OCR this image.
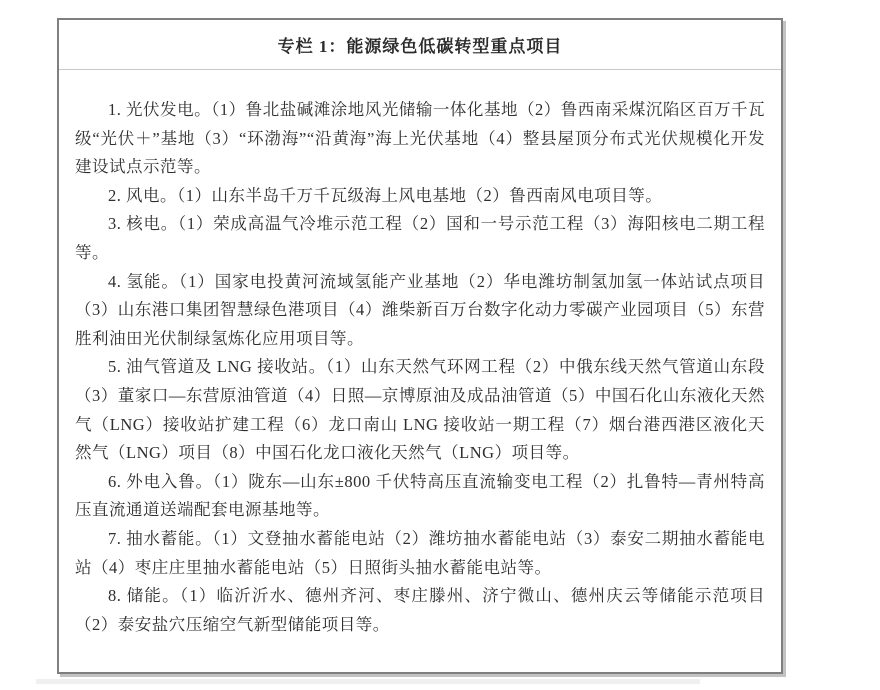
专栏 1：能源绿色低碳转型重点项目

1. 光伏发电。（1）鲁北盐碱滩涂地风光储输一体化基地（2）鲁西南采煤沉陷区百万千瓦级“光伏＋”基地（3）“环渤海”“沿黄海”海上光伏基地（4）整县屋顶分布式光伏规模化开发建设试点示范等。

2. 风电。（1）山东半岛千万千瓦级海上风电基地（2）鲁西南风电项目等。

3. 核电。（1）荣成高温气冷堆示范工程（2）国和一号示范工程（3）海阳核电二期工程等。

4. 氢能。（1）国家电投黄河流域氢能产业基地（2）华电潍坊制氢加氢一体站试点项目（3）山东港口集团智慧绿色港项目（4）潍柴新百万台数字化动力零碳产业园项目（5）东营胜利油田光伏制绿氢炼化应用项目等。

5. 油气管道及 LNG 接收站。（1）山东天然气环网工程（2）中俄东线天然气管道山东段（3）董家口—东营原油管道（4）日照—京博原油及成品油管道（5）中国石化山东液化天然气（LNG）接收站扩建工程（6）龙口南山 LNG 接收站一期工程（7）烟台港西港区液化天然气（LNG）项目（8）中国石化龙口液化天然气（LNG）项目等。

6. 外电入鲁。（1）陇东—山东±800 千伏特高压直流输变电工程（2）扎鲁特—青州特高压直流通道送端配套电源基地等。

7. 抽水蓄能。（1）文登抽水蓄能电站（2）潍坊抽水蓄能电站（3）泰安二期抽水蓄能电站（4）枣庄庄里抽水蓄能电站（5）日照街头抽水蓄能电站等。

8. 储能。（1）临沂沂水、德州齐河、枣庄滕州、济宁微山、德州庆云等储能示范项目（2）泰安盐穴压缩空气新型储能项目等。
